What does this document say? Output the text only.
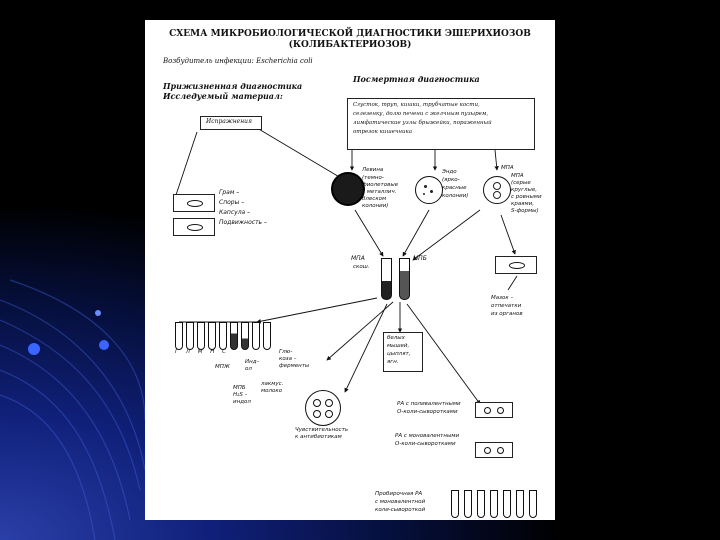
СХЕМА МИКРОБИОЛОГИЧЕСКОЙ ДИАГНОСТИКИ ЭШЕРИХИОЗОВ
(КОЛИБАКТЕРИОЗОВ)
Возбудитель инфекции: Escherichia coli
Прижизненная диагностика
Исследуемый материал:
Испражнения
Посмертная диагностика
Сгусток, труп, кишки, трубчатые кости,
селезенку, долю печени с желчным пузырем,
лимфатические узлы брыжейки, пораженный
отрезок кишечника
Грам –
Споры –
Капсула –
Подвижность –
Левина
(темно-
фиолетовые
с металлич.
блеском
колонии)
Эндо
(ярко-
красные
колонии)
МПА
МПА
(серые
круглые,
с ровными
краями,
S-формы)
МПА
скош.
МПБ
Мазок –
отпечатки
из органов
Г Л М Н С
МПЖ
Инд–
ол
МПБ
H₂S –
индол
лакмус.
молоко
Глю-
коза –
ферменты
белых
мышей,
цыплят,
ягн.
Чувствительность
к антибиотикам
РА с поливалентными
О-коли-сыворотками
РА с моновалентными
О-коли-сыворотками
Пробирочная РА
с моновалентной
коли-сывороткой
